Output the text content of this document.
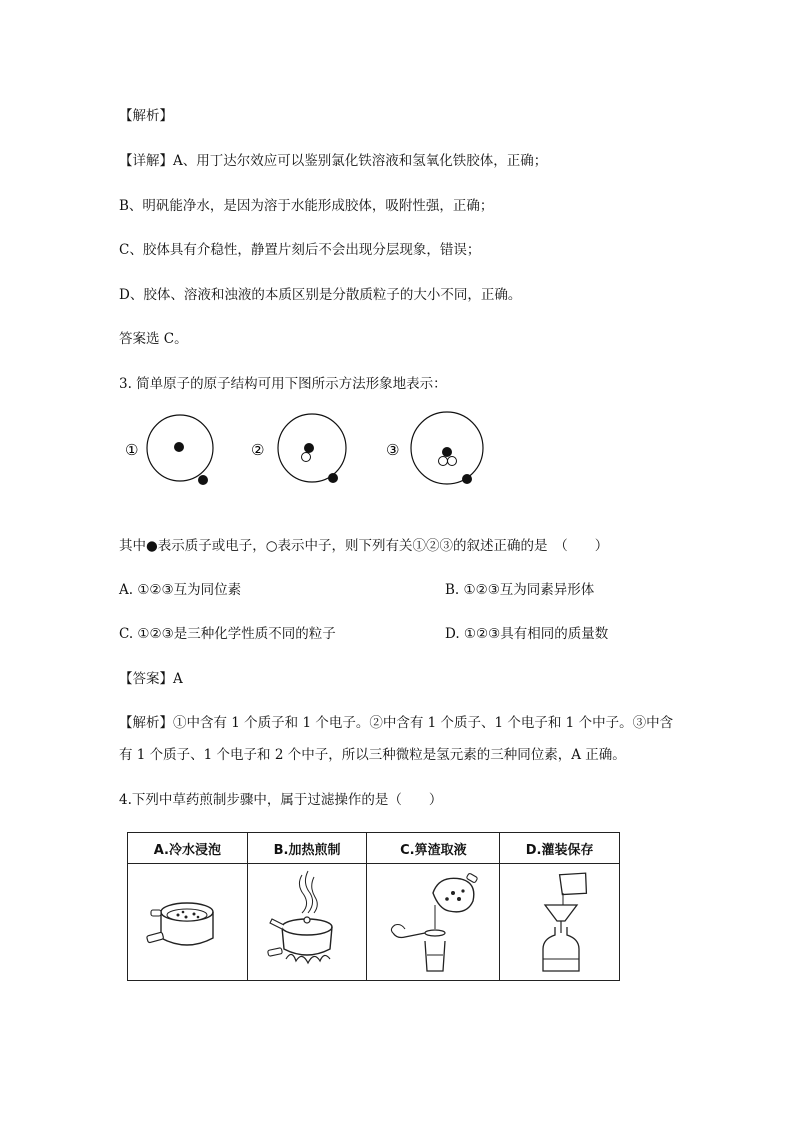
【解析】
【详解】A、用丁达尔效应可以鉴别氯化铁溶液和氢氧化铁胶体，正确；
B、明矾能净水，是因为溶于水能形成胶体，吸附性强，正确；
C、胶体具有介稳性，静置片刻后不会出现分层现象，错误；
D、胶体、溶液和浊液的本质区别是分散质粒子的大小不同，正确。
答案选 C。
3. 简单原子的原子结构可用下图所示方法形象地表示：
①	②	③
其中●表示质子或电子，○表示中子，则下列有关①②③的叙述正确的是　（　　）
A. ①②③互为同位素	B. ①②③互为同素异形体
C. ①②③是三种化学性质不同的粒子	D. ①②③具有相同的质量数
【答案】A
【解析】①中含有 1 个质子和 1 个电子。②中含有 1 个质子、1 个电子和 1 个中子。③中含
有 1 个质子、1 个电子和 2 个中子，所以三种微粒是氢元素的三种同位素，A 正确。
4.下列中草药煎制步骤中，属于过滤操作的是（　　）
A.冷水浸泡	B.加热煎制	C.箅渣取液	D.灌装保存
